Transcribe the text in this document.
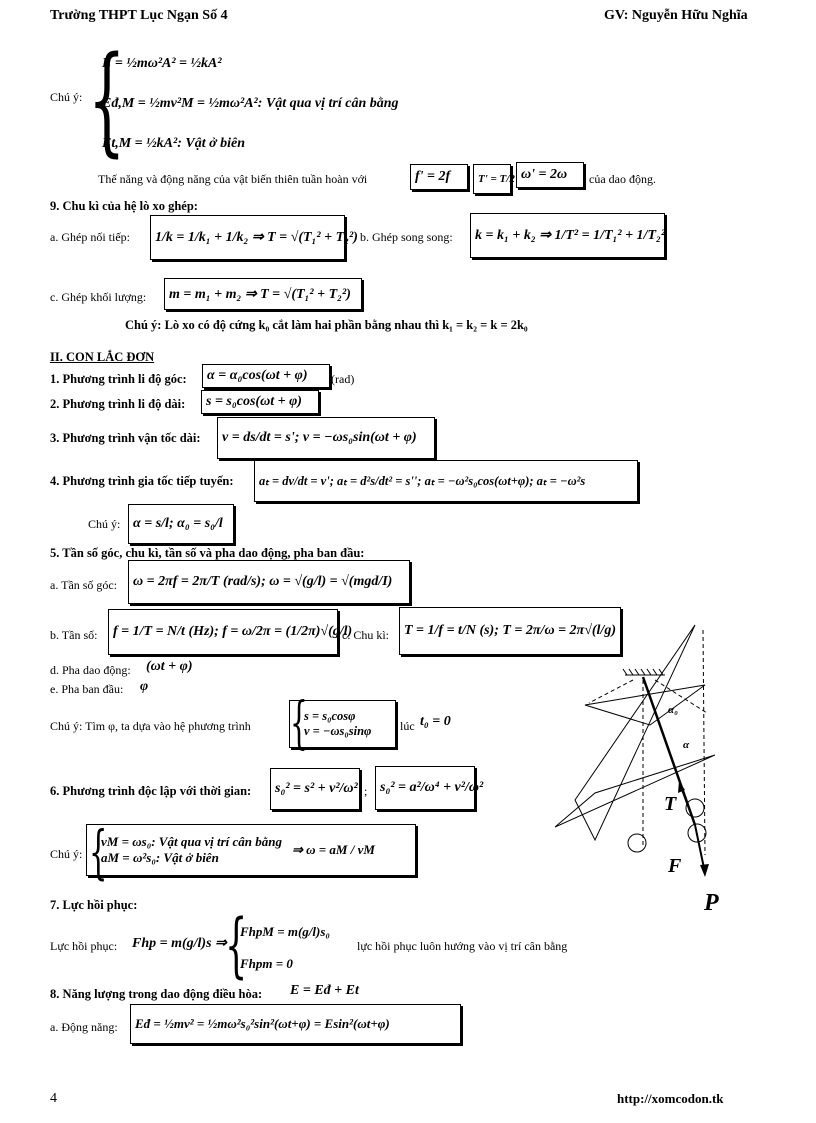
Trường THPT Lục Ngạn Số 4	GV: Nguyễn Hữu Nghĩa
Chú ý: {
E = ½mω²A² = ½kA²
Eđ,M = ½mv²M = ½mω²A²: Vật qua vị trí cân bằng
Et,M = ½kA²: Vật ở biên
Thế năng và động năng của vật biến thiên tuần hoàn với	f' = 2f	T' = T/2 ω' = 2ω	của dao động.
9. Chu kì của hệ lò xo ghép:
a. Ghép nối tiếp:	1/k = 1/k₁ + 1/k₂ ⇒ T = √(T₁² + T₂²) b. Ghép song song:	k = k₁ + k₂ ⇒ 1/T² = 1/T₁² + 1/T₂²
c. Ghép khối lượng:	m = m₁ + m₂ ⇒ T = √(T₁² + T₂²)
Chú ý: Lò xo có độ cứng k₀ cắt làm hai phần bằng nhau thì k₁ = k₂ = k = 2k₀
II. CON LẮC ĐƠN
1. Phương trình li độ góc:	α = α₀cos(ωt + φ)	(rad)
2. Phương trình li độ dài:	s = s₀cos(ωt + φ)
3. Phương trình vận tốc dài:	v = ds/dt = s'; v = −ωs₀sin(ωt + φ)
4. Phương trình gia tốc tiếp tuyến:	aₜ = dv/dt = v'; aₜ = d²s/dt² = s''; aₜ = −ω²s₀cos(ωt+φ); aₜ = −ω²s
Chú ý: α = s/l; α₀ = s₀/l
5. Tần số góc, chu kì, tần số và pha dao động, pha ban đầu:
a. Tần số góc:	ω = 2πf = 2π/T (rad/s); ω = √(g/l) = √(mgd/I)
b. Tần số:	f = 1/T = N/t (Hz); f = ω/2π = (1/2π)√(g/l)
c. Chu kì:	T = 1/f = t/N (s); T = 2π/ω = 2π√(l/g)
d. Pha dao động: (ωt + φ)
e. Pha ban đầu: φ
Chú ý: Tìm φ, ta dựa vào hệ phương trình
s = s₀cosφ
v = −ωs₀sinφ
{	lúc t₀ = 0
6. Phương trình độc lập với thời gian:	s₀² = s² + v²/ω² ; s₀² = a²/ω⁴ + v²/ω²
Chú ý: {
vM = ωs₀: Vật qua vị trí cân bằng
aM = ω²s₀: Vật ở biên
⇒ ω = aM / vM
7. Lực hồi phục:
Lực hồi phục: Fhp = m(g/l)s ⇒
{
FhpM = m(g/l)s₀
Fhpm = 0
lực hồi phục luôn hướng vào vị trí cân bằng
8. Năng lượng trong dao động điều hòa: E = Eđ + Et
a. Động năng:	Eđ = ½mv² = ½mω²s₀²sin²(ωt+φ) = Esin²(ωt+φ)
α₀
α
T
F
P
4	http://xomcodon.tk
